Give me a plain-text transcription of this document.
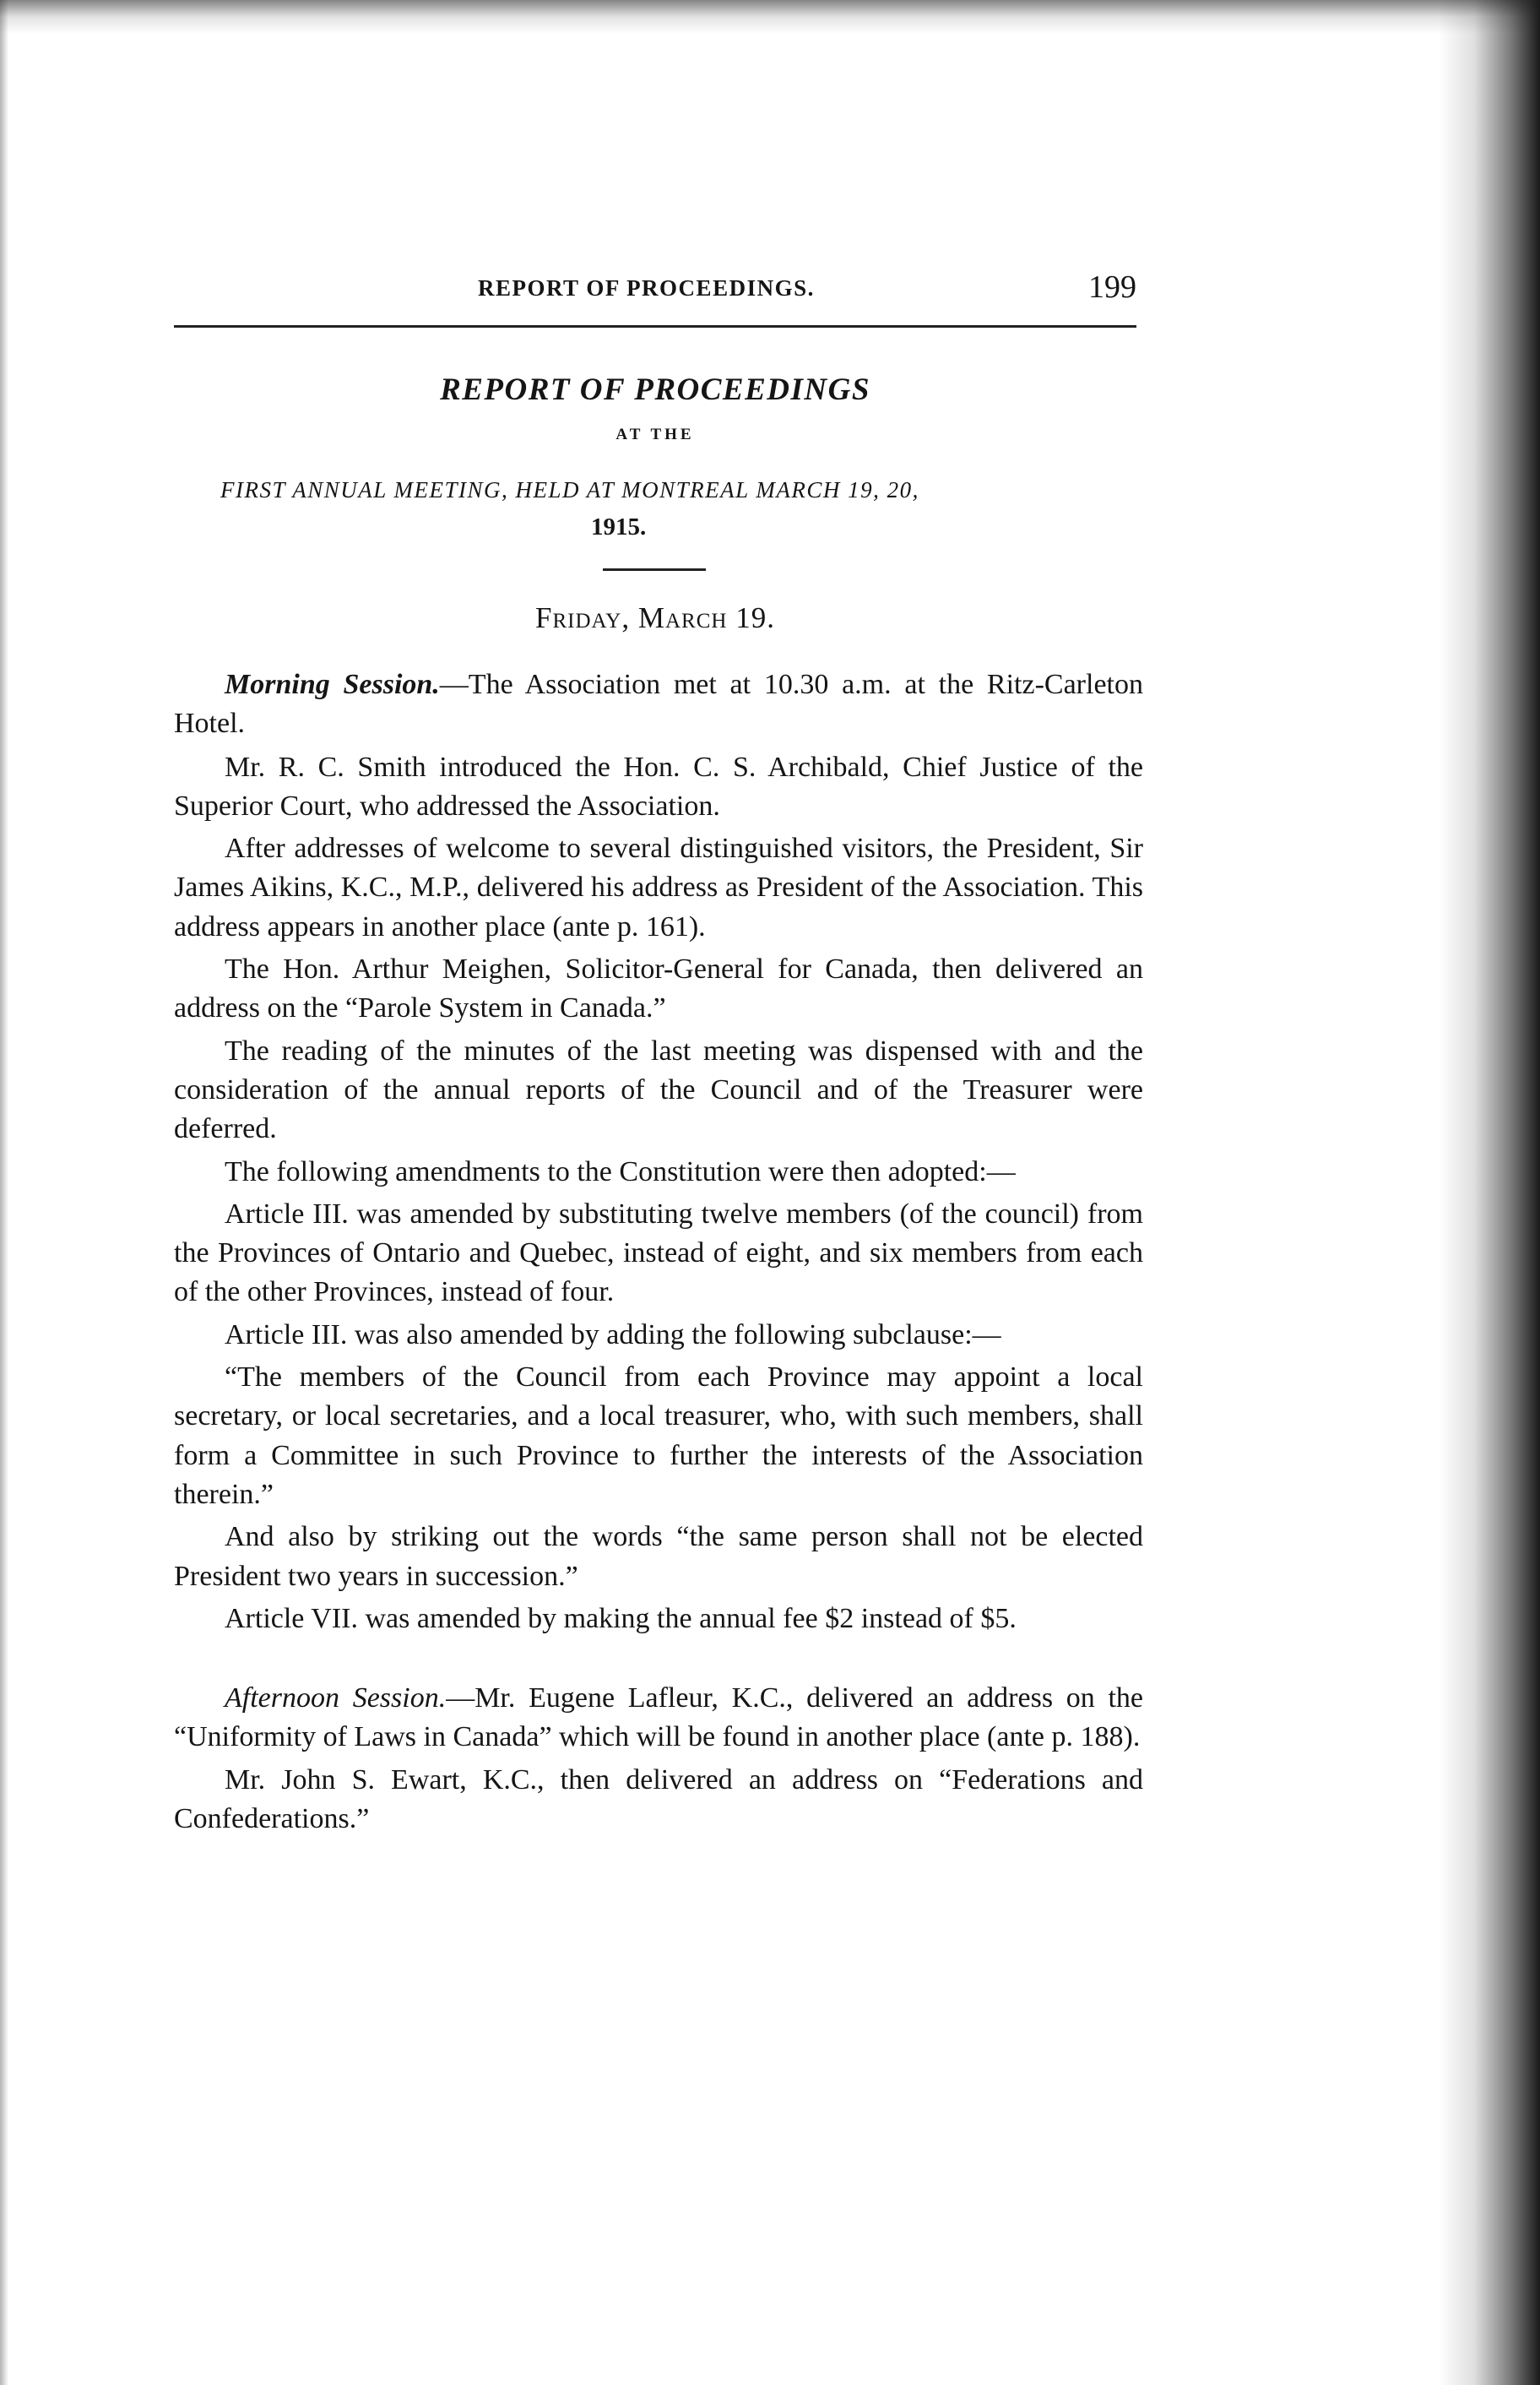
REPORT OF PROCEEDINGS.	199
REPORT OF PROCEEDINGS
AT THE
FIRST ANNUAL MEETING, HELD AT MONTREAL MARCH 19, 20,
1915.
Friday, March 19.

Morning Session.—The Association met at 10.30 a.m. at the Ritz-Carleton Hotel.

Mr. R. C. Smith introduced the Hon. C. S. Archibald, Chief Justice of the Superior Court, who addressed the Association.

After addresses of welcome to several distinguished visitors, the President, Sir James Aikins, K.C., M.P., delivered his address as President of the Association. This address appears in another place (ante p. 161).

The Hon. Arthur Meighen, Solicitor-General for Canada, then delivered an address on the “Parole System in Canada.”

The reading of the minutes of the last meeting was dispensed with and the consideration of the annual reports of the Council and of the Treasurer were deferred.

The following amendments to the Constitution were then adopted:—

Article III. was amended by substituting twelve members (of the council) from the Provinces of Ontario and Quebec, instead of eight, and six members from each of the other Provinces, instead of four.

Article III. was also amended by adding the following subclause:—

“The members of the Council from each Province may appoint a local secretary, or local secretaries, and a local treasurer, who, with such members, shall form a Committee in such Province to further the interests of the Association therein.”

And also by striking out the words “the same person shall not be elected President two years in succession.”

Article VII. was amended by making the annual fee $2 instead of $5.

Afternoon Session.—Mr. Eugene Lafleur, K.C., delivered an address on the “Uniformity of Laws in Canada” which will be found in another place (ante p. 188).

Mr. John S. Ewart, K.C., then delivered an address on “Federations and Confederations.”
